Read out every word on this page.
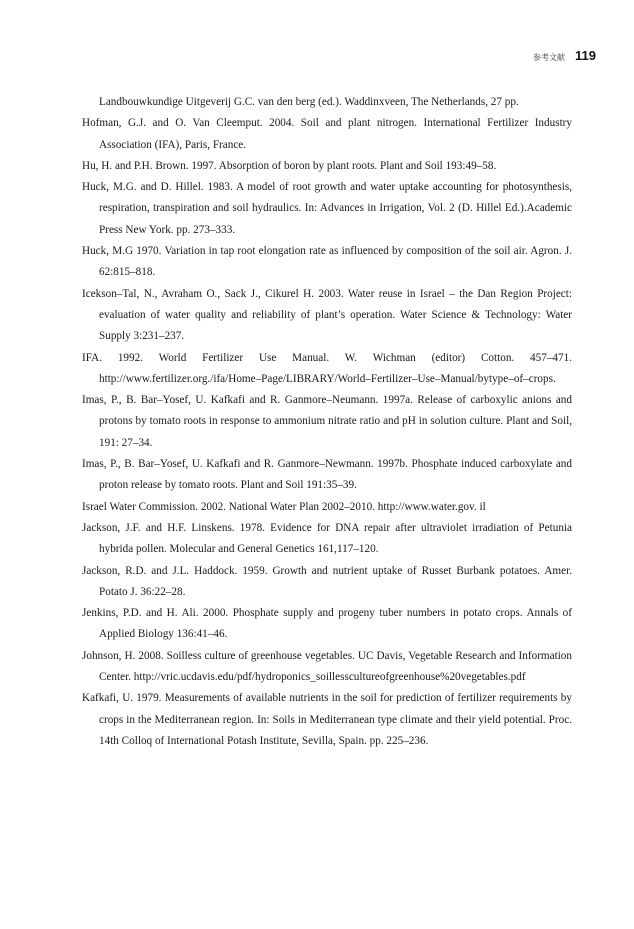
参考文献 119
Landbouwkundige Uitgeverij G.C. van den berg (ed.). Waddinxveen, The Netherlands, 27 pp.
Hofman, G.J. and O. Van Cleemput. 2004. Soil and plant nitrogen. International Fertilizer Industry Association (IFA), Paris, France.
Hu, H. and P.H. Brown. 1997. Absorption of boron by plant roots. Plant and Soil 193:49–58.
Huck, M.G. and D. Hillel. 1983. A model of root growth and water uptake accounting for photosynthesis, respiration, transpiration and soil hydraulics. In: Advances in Irrigation, Vol. 2 (D. Hillel Ed.).Academic Press New York. pp. 273–333.
Huck, M.G 1970. Variation in tap root elongation rate as influenced by composition of the soil air. Agron. J. 62:815–818.
Icekson–Tal, N., Avraham O., Sack J., Cikurel H. 2003. Water reuse in Israel – the Dan Region Project: evaluation of water quality and reliability of plant’s operation. Water Science & Technology: Water Supply 3:231–237.
IFA. 1992. World Fertilizer Use Manual. W. Wichman (editor) Cotton. 457–471. http://www.fertilizer.org./ifa/Home–Page/LIBRARY/World–Fertilizer–Use–Manual/bytype–of–crops.
Imas, P., B. Bar–Yosef, U. Kafkafi and R. Ganmore–Neumann. 1997a. Release of carboxylic anions and protons by tomato roots in response to ammonium nitrate ratio and pH in solution culture. Plant and Soil, 191: 27–34.
Imas, P., B. Bar–Yosef, U. Kafkafi and R. Ganmore–Newmann. 1997b. Phosphate induced carboxylate and proton release by tomato roots. Plant and Soil 191:35–39.
Israel Water Commission. 2002. National Water Plan 2002–2010. http://www.water.gov. il
Jackson, J.F. and H.F. Linskens. 1978. Evidence for DNA repair after ultraviolet irradiation of Petunia hybrida pollen. Molecular and General Genetics 161,117–120.
Jackson, R.D. and J.L. Haddock. 1959. Growth and nutrient uptake of Russet Burbank potatoes. Amer. Potato J. 36:22–28.
Jenkins, P.D. and H. Ali. 2000. Phosphate supply and progeny tuber numbers in potato crops. Annals of Applied Biology 136:41–46.
Johnson, H. 2008. Soilless culture of greenhouse vegetables. UC Davis, Vegetable Research and Information Center. http://vric.ucdavis.edu/pdf/hydroponics_soillesscultureofgreenhouse%20vegetables.pdf
Kafkafi, U. 1979. Measurements of available nutrients in the soil for prediction of fertilizer requirements by crops in the Mediterranean region. In: Soils in Mediterranean type climate and their yield potential. Proc. 14th Colloq of International Potash Institute, Sevilla, Spain. pp. 225–236.
